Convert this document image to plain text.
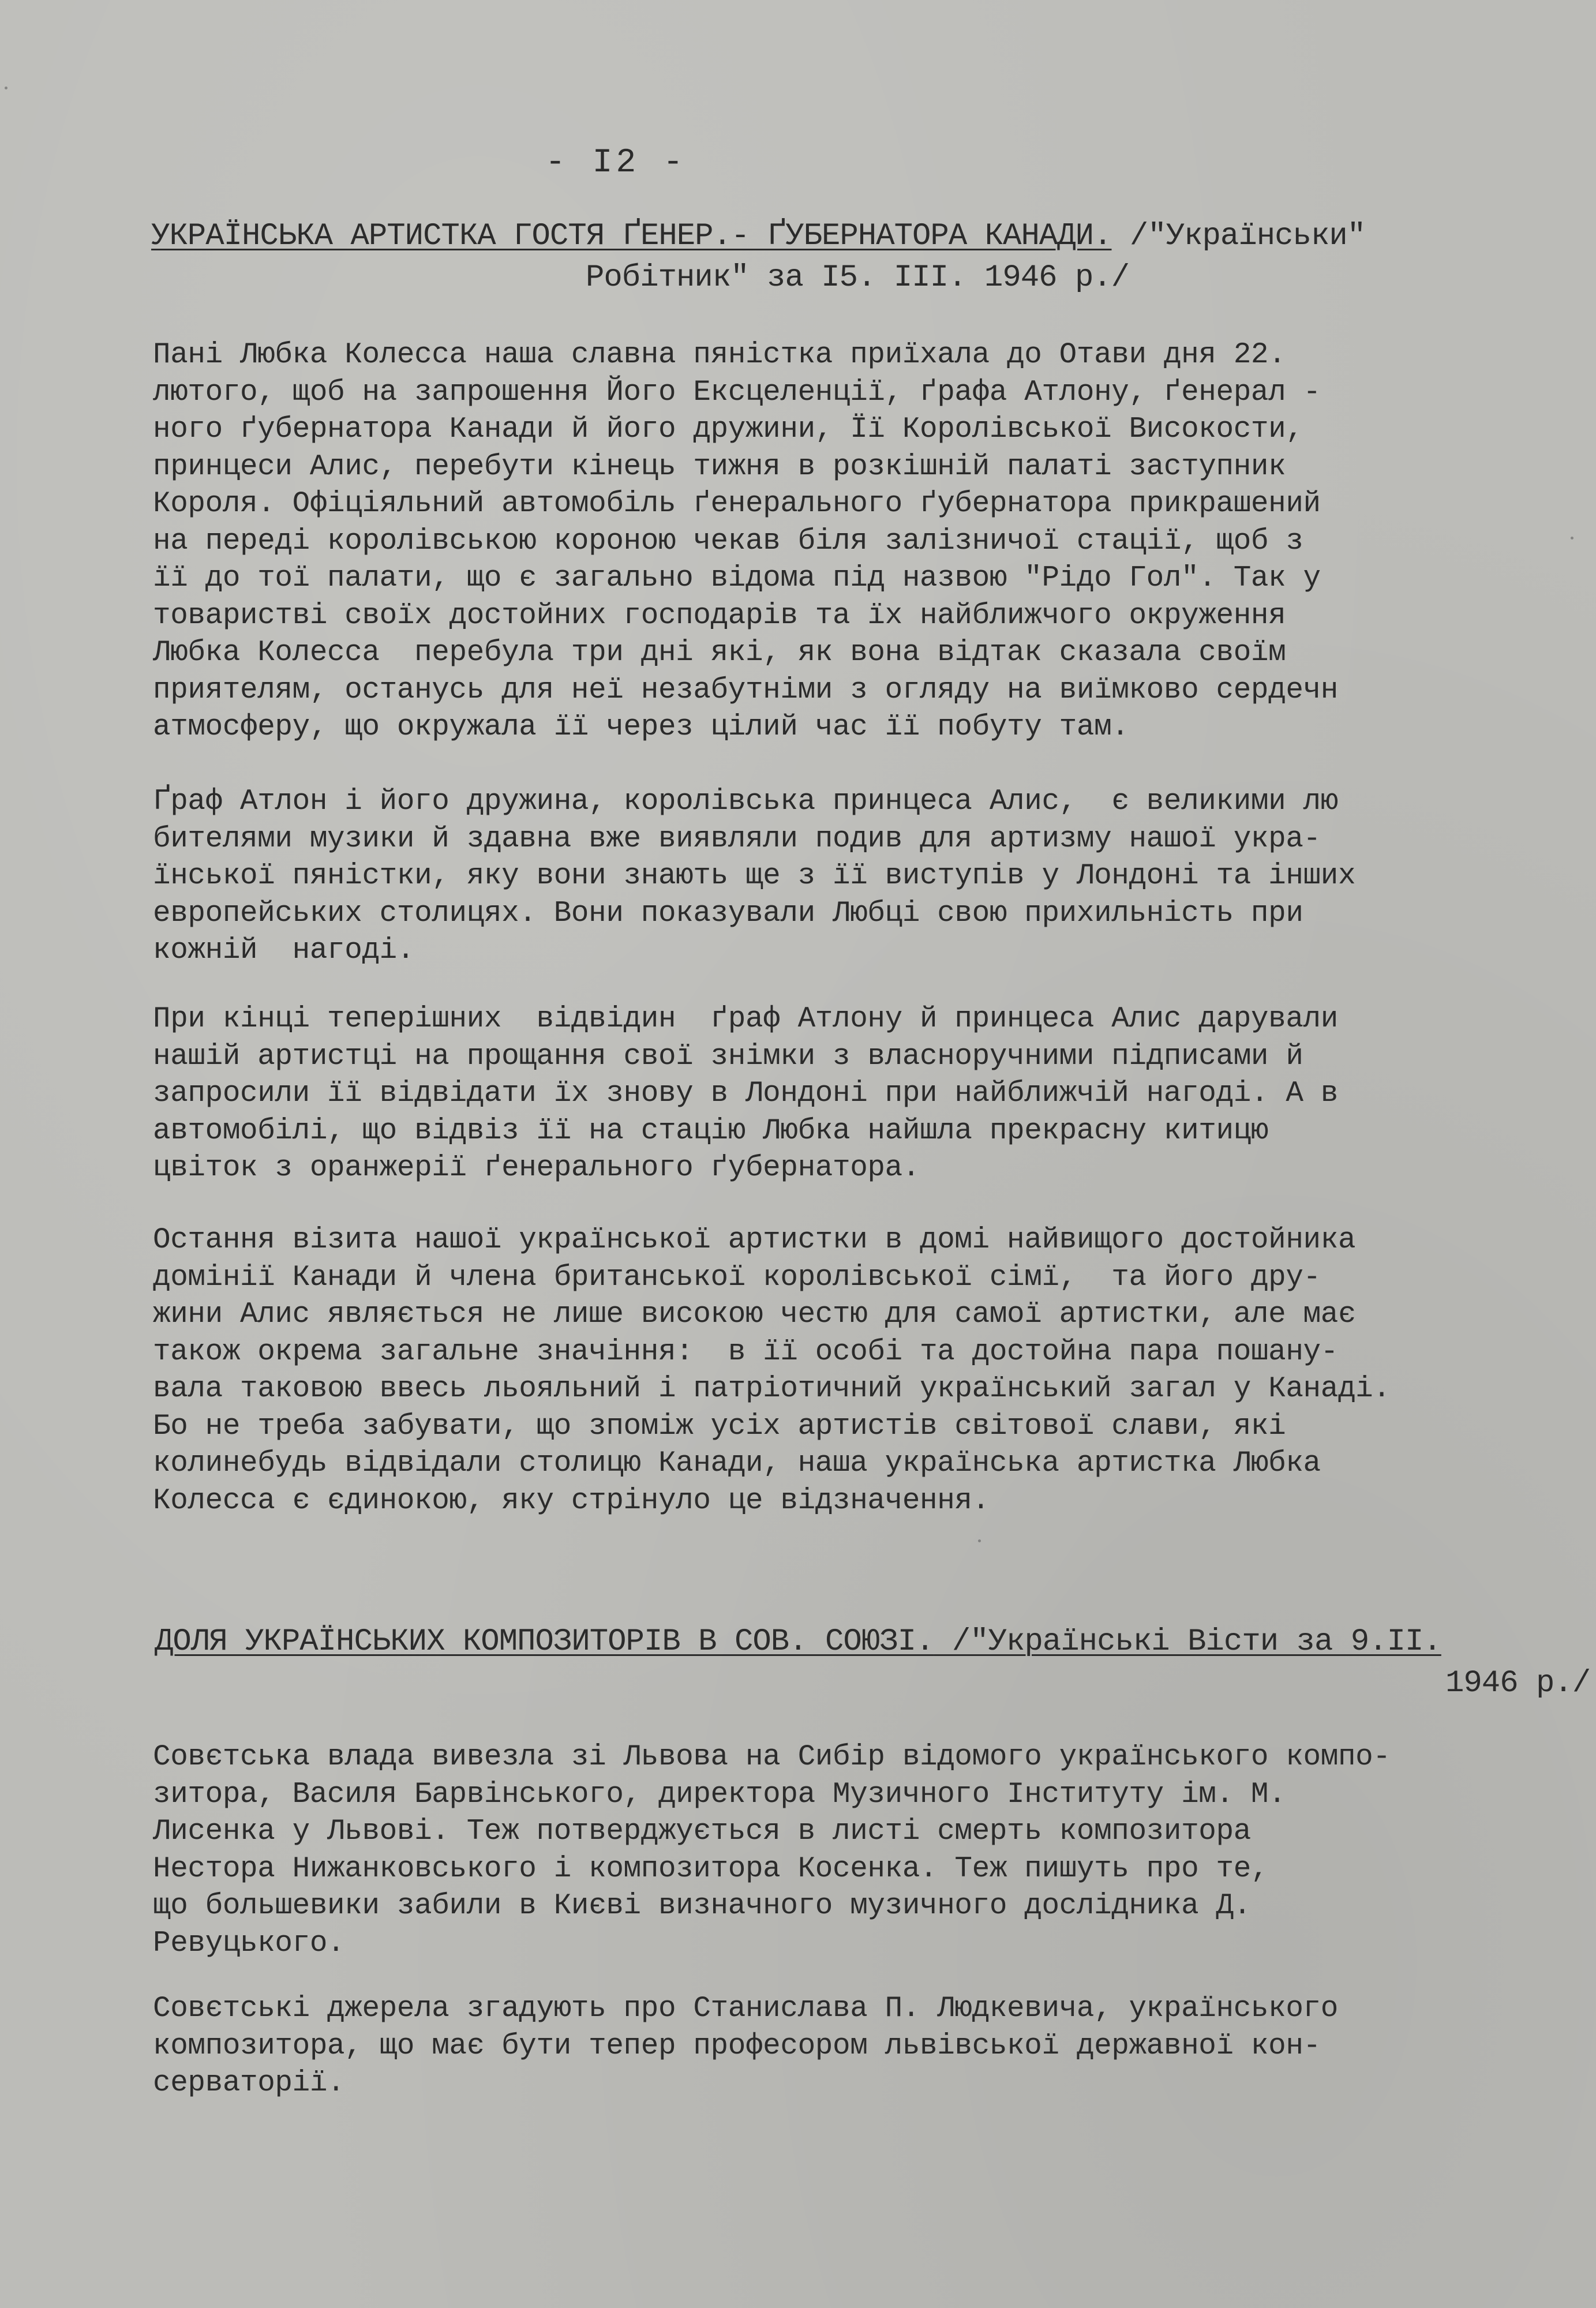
- I2 -
УКРАЇНСЬКА АРТИСТКА ГОСТЯ ҐЕНЕР.- ҐУБЕРНАТОРА КАНАДИ. /"Українськи"
Робітник" за I5. III. 1946 р./
Пані Любка Колесса наша славна пяністка приїхала до Отави дня 22.
лютого, щоб на запрошення Його Ексцеленції, ґрафа Атлону, ґенерал -
ного ґубернатора Канади й його дружини, Її Королівської Високости,
принцеси Алис, перебути кінець тижня в розкішній палаті заступник
Короля. Офіціяльний автомобіль ґенерального ґубернатора прикрашений
на переді королівською короною чекав біля залізничої стації, щоб з
її до тої палати, що є загально відома під назвою "Рідо Гол". Так у
товаристві своїх достойних господарів та їх найближчого окруження
Любка Колесса  перебула три дні які, як вона відтак сказала своїм
приятелям, останусь для неї незабутніми з огляду на виїмково сердечн
атмосферу, що окружала її через цілий час її побуту там.
Ґраф Атлон і його дружина, королівська принцеса Алис,  є великими лю
бителями музики й здавна вже виявляли подив для артизму нашої укра-
їнської пяністки, яку вони знають ще з її виступів у Лондоні та інших
европейських столицях. Вони показували Любці свою прихильність при
кожній  нагоді.
При кінці теперішних  відвідин  ґраф Атлону й принцеса Алис дарували
нашій артистці на прощання свої знімки з власноручними підписами й
запросили її відвідати їх знову в Лондоні при найближчій нагоді. А в
автомобілі, що відвіз її на стацію Любка найшла прекрасну китицю
цвіток з оранжерії ґенерального ґубернатора.
Остання візита нашої української артистки в домі найвищого достойника
домінії Канади й члена британської королівської сімї,  та його дру-
жини Алис являється не лише високою честю для самої артистки, але має
також окрема загальне значіння:  в її особі та достойна пара пошану-
вала таковою ввесь льояльний і патріотичний український загал у Канаді.
Бо не треба забувати, що зпоміж усіх артистів світової слави, які
колинебудь відвідали столицю Канади, наша українська артистка Любка
Колесса є єдинокою, яку стрінуло це відзначення.
ДОЛЯ УКРАЇНСЬКИХ КОМПОЗИТОРІВ В СОВ. СОЮЗІ. /"Українські Вісти за 9.II.
1946 р./
Совєтська влада вивезла зі Львова на Сибір відомого українського компо-
зитора, Василя Барвінського, директора Музичного Інституту ім. М.
Лисенка у Львові. Теж потверджується в листі смерть композитора
Нестора Нижанковського і композитора Косенка. Теж пишуть про те,
що большевики забили в Києві визначного музичного дослідника Д.
Ревуцького.
Совєтські джерела згадують про Станислава П. Людкевича, українського
композитора, що має бути тепер професором львівської державної кон-
серваторії.
